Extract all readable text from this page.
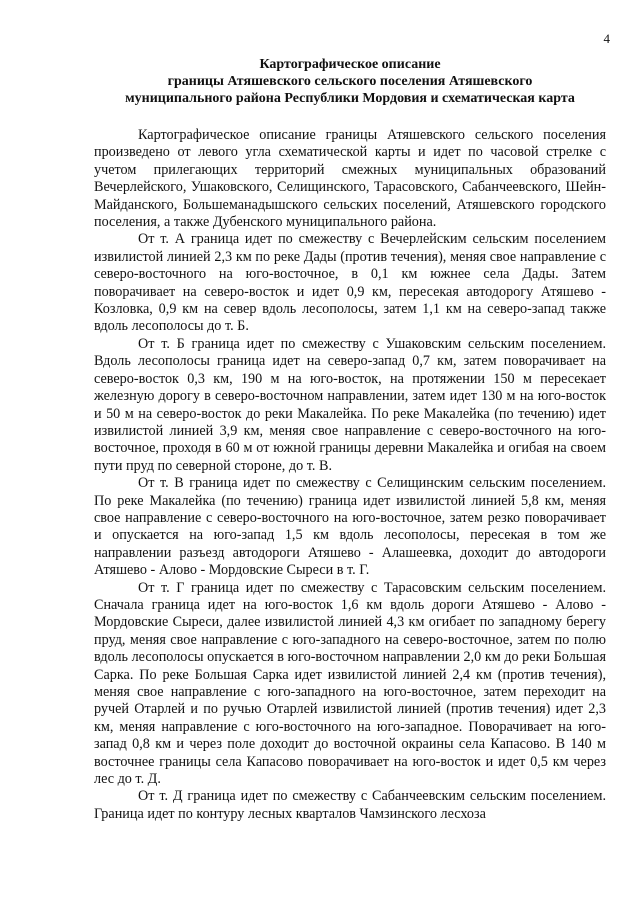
4
Картографическое описание
границы Атяшевского сельского поселения Атяшевского
муниципального района Республики Мордовия и схематическая карта

Картографическое описание границы Атяшевского сельского поселения произведено от левого угла схематической карты и идет по часовой стрелке с учетом прилегающих территорий смежных муниципальных образований Вечерлейского, Ушаковского, Селищинского, Тарасовского, Сабанчеевского, Шейн-Майданского, Большеманадышского сельских поселений, Атяшевского городского поселения, а также Дубенского муниципального района.

От т. А граница идет по смежеству с Вечерлейским сельским поселением извилистой линией 2,3 км по реке Дады (против течения), меняя свое направление с северо-восточного на юго-восточное, в 0,1 км южнее села Дады. Затем поворачивает на северо-восток и идет 0,9 км, пересекая автодорогу Атяшево - Козловка, 0,9 км на север вдоль лесополосы, затем 1,1 км на северо-запад также вдоль лесополосы до т. Б.

От т. Б граница идет по смежеству с Ушаковским сельским поселением. Вдоль лесополосы граница идет на северо-запад 0,7 км, затем поворачивает на северо-восток 0,3 км, 190 м на юго-восток, на протяжении 150 м пересекает железную дорогу в северо-восточном направлении, затем идет 130 м на юго-восток и 50 м на северо-восток до реки Макалейка. По реке Макалейка (по течению) идет извилистой линией 3,9 км, меняя свое направление с северо-восточного на юго-восточное, проходя в 60 м от южной границы деревни Макалейка и огибая на своем пути пруд по северной стороне, до т. В.

От т. В граница идет по смежеству с Селищинским сельским поселением. По реке Макалейка (по течению) граница идет извилистой линией 5,8 км, меняя свое направление с северо-восточного на юго-восточное, затем резко поворачивает и опускается на юго-запад 1,5 км вдоль лесополосы, пересекая в том же направлении разъезд автодороги Атяшево - Алашеевка, доходит до автодороги Атяшево - Алово - Мордовские Сыреси в т. Г.

От т. Г граница идет по смежеству с Тарасовским сельским поселением. Сначала граница идет на юго-восток 1,6 км вдоль дороги Атяшево - Алово - Мордовские Сыреси, далее извилистой линией 4,3 км огибает по западному берегу пруд, меняя свое направление с юго-западного на северо-восточное, затем по полю вдоль лесополосы опускается в юго-восточном направлении 2,0 км до реки Большая Сарка. По реке Большая Сарка идет извилистой линией 2,4 км (против течения), меняя свое направление с юго-западного на юго-восточное, затем переходит на ручей Отарлей и по ручью Отарлей извилистой линией (против течения) идет 2,3 км, меняя направление с юго-восточного на юго-западное. Поворачивает на юго-запад 0,8 км и через поле доходит до восточной окраины села Капасово. В 140 м восточнее границы села Капасово поворачивает на юго-восток и идет 0,5 км через лес до т. Д.

От т. Д граница идет по смежеству с Сабанчеевским сельским поселением. Граница идет по контуру лесных кварталов Чамзинского лесхоза
